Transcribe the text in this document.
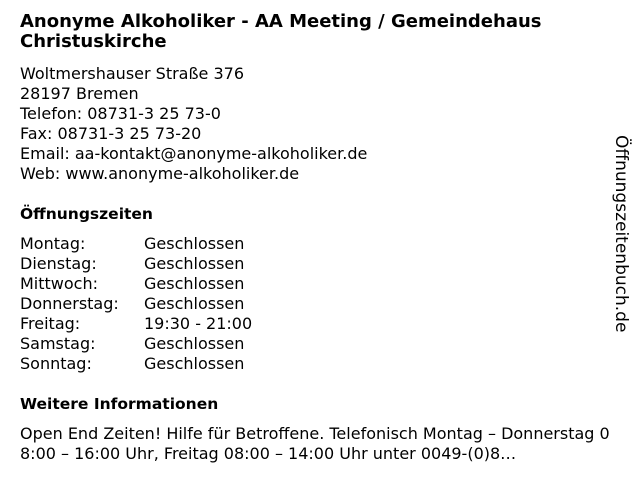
Anonyme Alkoholiker - AA Meeting / Gemeindehaus Christuskirche
Woltmershauser Straße 376
28197 Bremen
Telefon: 08731-3 25 73-0
Fax: 08731-3 25 73-20
Email: aa-kontakt@anonyme-alkoholiker.de
Web: www.anonyme-alkoholiker.de
Öffnungszeiten
Montag:	Geschlossen
Dienstag:	Geschlossen
Mittwoch:	Geschlossen
Donnerstag:	Geschlossen
Freitag:	19:30 - 21:00
Samstag:	Geschlossen
Sonntag:	Geschlossen
Weitere Informationen
Open End Zeiten! Hilfe für Betroffene. Telefonisch Montag – Donnerstag 08:00 – 16:00 Uhr, Freitag 08:00 – 14:00 Uhr unter 0049-(0)8…
Öffnungszeitenbuch.de
